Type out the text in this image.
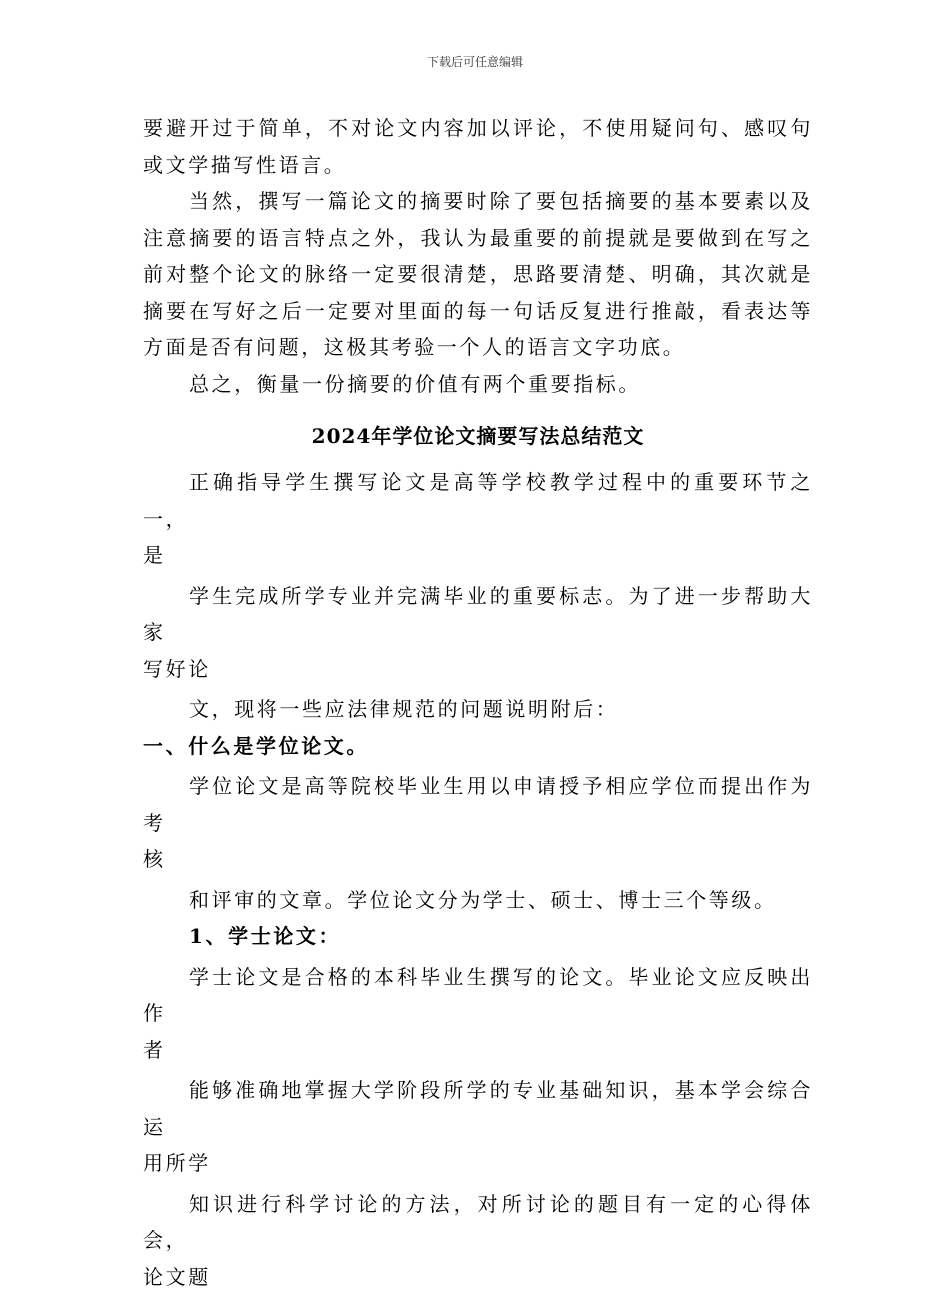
下载后可任意编辑

要避开过于简单，不对论文内容加以评论，不使用疑问句、感叹句或文学描写性语言。

当然，撰写一篇论文的摘要时除了要包括摘要的基本要素以及注意摘要的语言特点之外，我认为最重要的前提就是要做到在写之前对整个论文的脉络一定要很清楚，思路要清楚、明确，其次就是摘要在写好之后一定要对里面的每一句话反复进行推敲，看表达等方面是否有问题，这极其考验一个人的语言文字功底。

总之，衡量一份摘要的价值有两个重要指标。

2024年学位论文摘要写法总结范文

正确指导学生撰写论文是高等学校教学过程中的重要环节之一，

是

学生完成所学专业并完满毕业的重要标志。为了进一步帮助大家

写好论

文，现将一些应法律规范的问题说明附后：

一、什么是学位论文。

学位论文是高等院校毕业生用以申请授予相应学位而提出作为考

核

和评审的文章。学位论文分为学士、硕士、博士三个等级。

1、学士论文：

学士论文是合格的本科毕业生撰写的论文。毕业论文应反映出作

者

能够准确地掌握大学阶段所学的专业基础知识，基本学会综合运

用所学

知识进行科学讨论的方法，对所讨论的题目有一定的心得体会，

论文题
